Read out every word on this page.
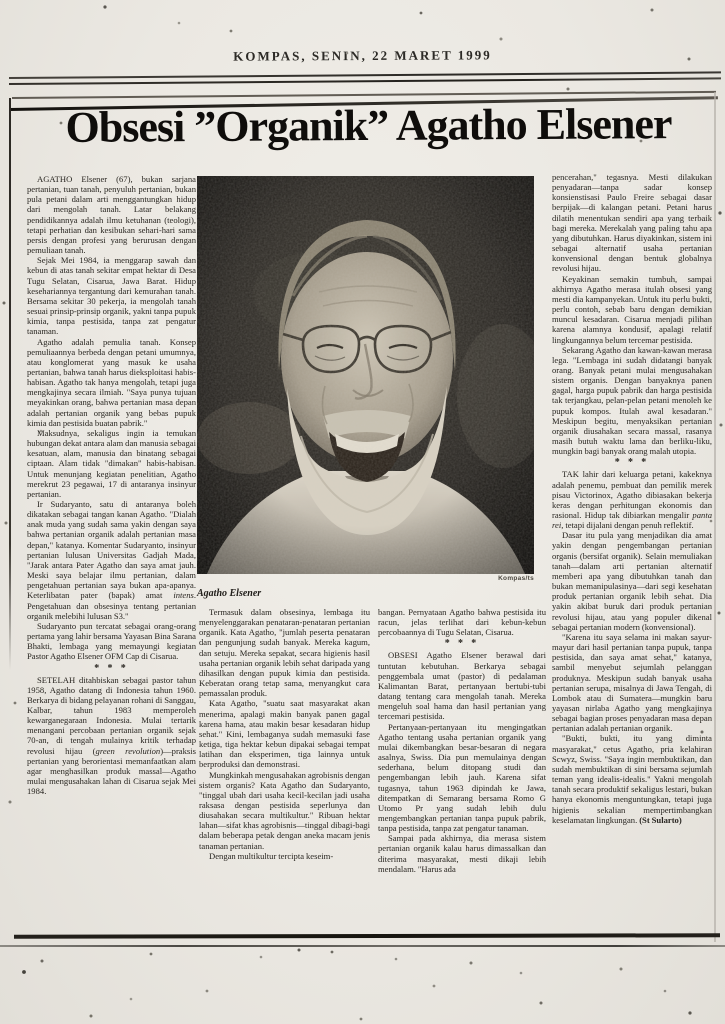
KOMPAS, SENIN, 22 MARET 1999
Obsesi ”Organik” Agatho Elsener

AGATHO Elsener (67), bukan sarjana pertanian, tuan tanah, penyuluh pertanian, bukan pula petani dalam arti menggantungkan hidup dari mengolah tanah. Latar belakang pendidikannya adalah ilmu ketuhanan (teologi), tetapi perhatian dan kesibukan sehari-hari sama persis dengan profesi yang berurusan dengan pemuliaan tanah.

Sejak Mei 1984, ia menggarap sawah dan kebun di atas tanah sekitar empat hektar di Desa Tugu Selatan, Cisarua, Jawa Barat. Hidup kesehariannya tergantung dari kemurahan tanah. Bersama sekitar 30 pekerja, ia mengolah tanah sesuai prinsip-prinsip organik, yakni tanpa pupuk kimia, tanpa pestisida, tanpa zat pengatur tanaman.

Agatho adalah pemulia tanah. Konsep pemuliaannya berbeda dengan petani umumnya, atau konglomerat yang masuk ke usaha pertanian, bahwa tanah harus dieksploitasi habis-habisan. Agatho tak hanya mengolah, tetapi juga mengkajinya secara ilmiah. "Saya punya tujuan meyakinkan orang, bahwa pertanian masa depan adalah pertanian organik yang bebas pupuk kimia dan pestisida buatan pabrik."

Maksudnya, sekaligus ingin ia temukan hubungan dekat antara alam dan manusia sebagai kesatuan, alam, manusia dan binatang sebagai ciptaan. Alam tidak "dimakan" habis-habisan. Untuk menunjang kegiatan penelitian, Agatho merekrut 23 pegawai, 17 di antaranya insinyur pertanian.

Ir Sudaryanto, satu di antaranya boleh dikatakan sebagai tangan kanan Agatho. "Dialah anak muda yang sudah sama yakin dengan saya bahwa pertanian organik adalah pertanian masa depan," katanya. Komentar Sudaryanto, insinyur pertanian lulusan Universitas Gadjah Mada, "Jarak antara Pater Agatho dan saya amat jauh. Meski saya belajar ilmu pertanian, dalam pengetahuan pertanian saya bukan apa-apanya. Keterlibatan pater (bapak) amat intens. Pengetahuan dan obsesinya tentang pertanian organik melebihi lulusan S3."

Sudaryanto pun tercatat sebagai orang-orang pertama yang lahir bersama Yayasan Bina Sarana Bhakti, lembaga yang memayungi kegiatan Pastor Agatho Elsener OFM Cap di Cisarua.

* * *

SETELAH ditahbiskan sebagai pastor tahun 1958, Agatho datang di Indonesia tahun 1960. Berkarya di bidang pelayanan rohani di Sanggau, Kalbar, tahun 1983 memperoleh kewarganegaraan Indonesia. Mulai tertarik menangani percobaan pertanian organik sejak 70-an, di tengah mulainya kritik terhadap revolusi hijau (green revolution)—praksis pertanian yang berorientasi memanfaatkan alam agar menghasilkan produk massal—Agatho mulai mengusahakan lahan di Cisarua sejak Mei 1984.

Kompas/ts
Agatho Elsener

Termasuk dalam obsesinya, lembaga itu menyelenggarakan penataran-penataran pertanian organik. Kata Agatho, "jumlah peserta penataran dan pengunjung sudah banyak. Mereka kagum, dan setuju. Mereka sepakat, secara higienis hasil usaha pertanian organik lebih sehat daripada yang dihasilkan dengan pupuk kimia dan pestisida. Keberatan orang tetap sama, menyangkut cara pemassalan produk.

Kata Agatho, "suatu saat masyarakat akan menerima, apalagi makin banyak panen gagal karena hama, atau makin besar kesadaran hidup sehat." Kini, lembaganya sudah memasuki fase ketiga, tiga hektar kebun dipakai sebagai tempat latihan dan eksperimen, tiga lainnya untuk berproduksi dan demonstrasi.

Mungkinkah mengusahakan agrobisnis dengan sistem organis? Kata Agatho dan Sudaryanto, "tinggal ubah dari usaha kecil-kecilan jadi usaha raksasa dengan pestisida seperlunya dan diusahakan secara multikultur." Ribuan hektar lahan—sifat khas agrobisnis—tinggal dibagi-bagi dalam beberapa petak dengan aneka macam jenis tanaman pertanian.

Dengan multikultur tercipta keseim-

bangan. Pernyataan Agatho bahwa pestisida itu racun, jelas terlihat dari kebun-kebun percobaannya di Tugu Selatan, Cisarua.

* * *

OBSESI Agatho Elsener berawal dari tuntutan kebutuhan. Berkarya sebagai penggembala umat (pastor) di pedalaman Kalimantan Barat, pertanyaan bertubi-tubi datang tentang cara mengolah tanah. Mereka mengeluh soal hama dan hasil pertanian yang tercemari pestisida.

Pertanyaan-pertanyaan itu mengingatkan Agatho tentang usaha pertanian organik yang mulai dikembangkan besar-besaran di negara asalnya, Swiss. Dia pun memulainya dengan sederhana, belum ditopang studi dan pengembangan lebih jauh. Karena sifat tugasnya, tahun 1963 dipindah ke Jawa, ditempatkan di Semarang bersama Romo G Utomo Pr yang sudah lebih dulu mengembangkan pertanian tanpa pupuk pabrik, tanpa pestisida, tanpa zat pengatur tanaman.

Sampai pada akhirnya, dia merasa sistem pertanian organik kalau harus dimassalkan dan diterima masyarakat, mesti dikaji lebih mendalam. "Harus ada

pencerahan," tegasnya. Mesti dilakukan penyadaran—tanpa sadar konsep konsienstisasi Paulo Freire sebagai dasar berpijak—di kalangan petani. Petani harus dilatih menentukan sendiri apa yang terbaik bagi mereka. Merekalah yang paling tahu apa yang dibutuhkan. Harus diyakinkan, sistem ini sebagai alternatif usaha pertanian konvensional dengan bentuk globalnya revolusi hijau.

Keyakinan semakin tumbuh, sampai akhirnya Agatho merasa itulah obsesi yang mesti dia kampanyekan. Untuk itu perlu bukti, perlu contoh, sebab baru dengan demikian muncul kesadaran. Cisarua menjadi pilihan karena alamnya kondusif, apalagi relatif lingkungannya belum tercemar pestisida.

Sekarang Agatho dan kawan-kawan merasa lega. "Lembaga ini sudah didatangi banyak orang. Banyak petani mulai mengusahakan sistem organis. Dengan banyaknya panen gagal, harga pupuk pabrik dan harga pestisida tak terjangkau, pelan-pelan petani menoleh ke pupuk kompos. Itulah awal kesadaran." Meskipun begitu, menyaksikan pertanian organik diusahakan secara massal, rasanya masih butuh waktu lama dan berliku-liku, mungkin bagi banyak orang malah utopia.

* * *

TAK lahir dari keluarga petani, kakeknya adalah penemu, pembuat dan pemilik merek pisau Victorinox, Agatho dibiasakan bekerja keras dengan perhitungan ekonomis dan rasional. Hidup tak dibiarkan mengalir panta rei, tetapi dijalani dengan penuh reflektif.

Dasar itu pula yang menjadikan dia amat yakin dengan pengembangan pertanian organis (bersifat organik). Selain memuliakan tanah—dalam arti pertanian alternatif memberi apa yang dibutuhkan tanah dan bukan memanipulasinya—dari segi kesehatan produk pertanian organik lebih sehat. Dia yakin akibat buruk dari produk pertanian revolusi hijau, atau yang populer dikenal sebagai pertanian modern (konvensional).

"Karena itu saya selama ini makan sayur-mayur dari hasil pertanian tanpa pupuk, tanpa pestisida, dan saya amat sehat," katanya, sambil menyebut sejumlah pelanggan produknya. Meskipun sudah banyak usaha pertanian serupa, misalnya di Jawa Tengah, di Lombok atau di Sumatera—mungkin baru yayasan nirlaba Agatho yang mengkajinya sebagai bagian proses penyadaran masa depan pertanian adalah pertanian organik.

"Bukti, bukti, itu yang diminta masyarakat," cetus Agatho, pria kelahiran Scwyz, Swiss. "Saya ingin membuktikan, dan sudah membuktikan di sini bersama sejumlah teman yang idealis-idealis." Yakni mengolah tanah secara produktif sekaligus lestari, bukan hanya ekonomis menguntungkan, tetapi juga higienis sekalian mempertimbangkan keselamatan lingkungan. (St Sularto)
